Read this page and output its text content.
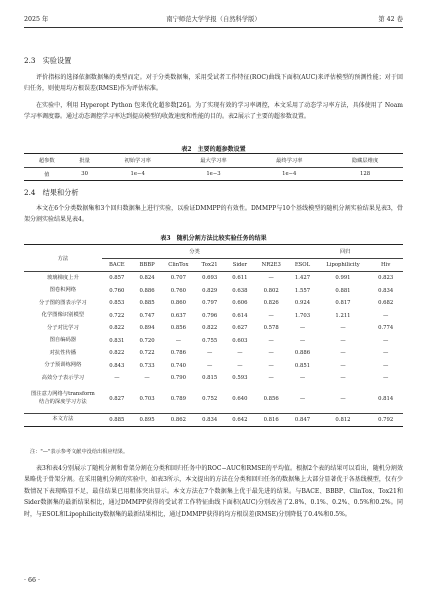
2025 年	南宁师范大学学报（自然科学版）	第 42 卷
2.3　实验设置
评价指标的选择依据数据集的类型而定。对于分类数据集，采用受试者工作特征(ROC)曲线下面积(AUC)来评估模型的预测性能；对于回归任务，则使用均方根误差(RMSE)作为评估标准。
在实验中，利用 Hyperopt Python 包来优化超参数[26]。为了实现有效的学习率调控，本文采用了动态学习率方法，具体使用了 Noam学习率调度器。通过动态调控学习率达到提高模型的收敛速度和性能的目的。表2展示了主要的超参数设置。
表2　主要的超参数设置
超参数	批量	初始学习率	最大学习率	最终学习率	隐藏层维度
值	30	1e−4	1e−3	1e−4	128
2.4　结果和分析
本文在6个分类数据集和3个回归数据集上进行实验，以验证DMMPP的有效性。DMMPP与10个基线模型的随机分割实验结果见表3，骨架分割实验结果见表4。
表3　随机分割方法比较实验任务的结果
方法	分类						回归		
	BACE	BBBP	ClinTox	Tox21	Sider	NR2E3	ESOL	Lipophilicity	Hiv
玻璃梯度上升	0.857	0.824	0.707	0.693	0.611	—	1.427	0.991	0.823
图卷积网络	0.760	0.886	0.760	0.829	0.638	0.802	1.557	0.881	0.834
分子图的图表示学习	0.853	0.885	0.860	0.797	0.606	0.826	0.924	0.817	0.682
化学图像识别模型	0.722	0.747	0.637	0.796	0.614	—	1.703	1.211	—
分子对比学习	0.822	0.894	0.856	0.822	0.627	0.578	—	—	0.774
图自编码器	0.831	0.720	—	0.755	0.603	—	—	—	—
对抗性传播	0.822	0.722	0.786	—	—	—	0.886	—	—
分子预训练网络	0.843	0.733	0.740	—	—	—	0.851	—	—
高效分子表示学习	—	—	0.790	0.815	0.593	—	—	—	—
图注意力网络与transform结合的深度学习方法	0.827	0.703	0.789	0.752	0.640	0.856	—	—	0.814
本文方法	0.885	0.895	0.862	0.834	0.642	0.816	0.847	0.812	0.792
注："—"表示参考文献中没给出相应结果。
表3和表4分别展示了随机分割和骨架分割在分类和回归任务中的ROC−AUC和RMSE的平均值。根据2个表的结果可以看出，随机分割效果略优于骨架分割。在采用随机分割的实验中，如表3所示，本文提出的方法在分类和回归任务的数据集上大部分显著优于各基线模型，仅有少数情况下表现略显不足，最佳结果已用粗体突出显示。本文方法在7个数据集上优于最先进的结果。与BACE、BBBP、ClinTox、Tox21和Sider数据集的最新结果相比，通过DMMPP获得的受试者工作特征曲线下面积(AUC)分别改善了2.8%、0.1%、0.2%、0.5%和0.2%。同时，与ESOL和Lipophilicity数据集的最新结果相比，通过DMMPP获得的均方根误差(RMSE)分别降低了0.4%和0.5%。
· 66 ·
